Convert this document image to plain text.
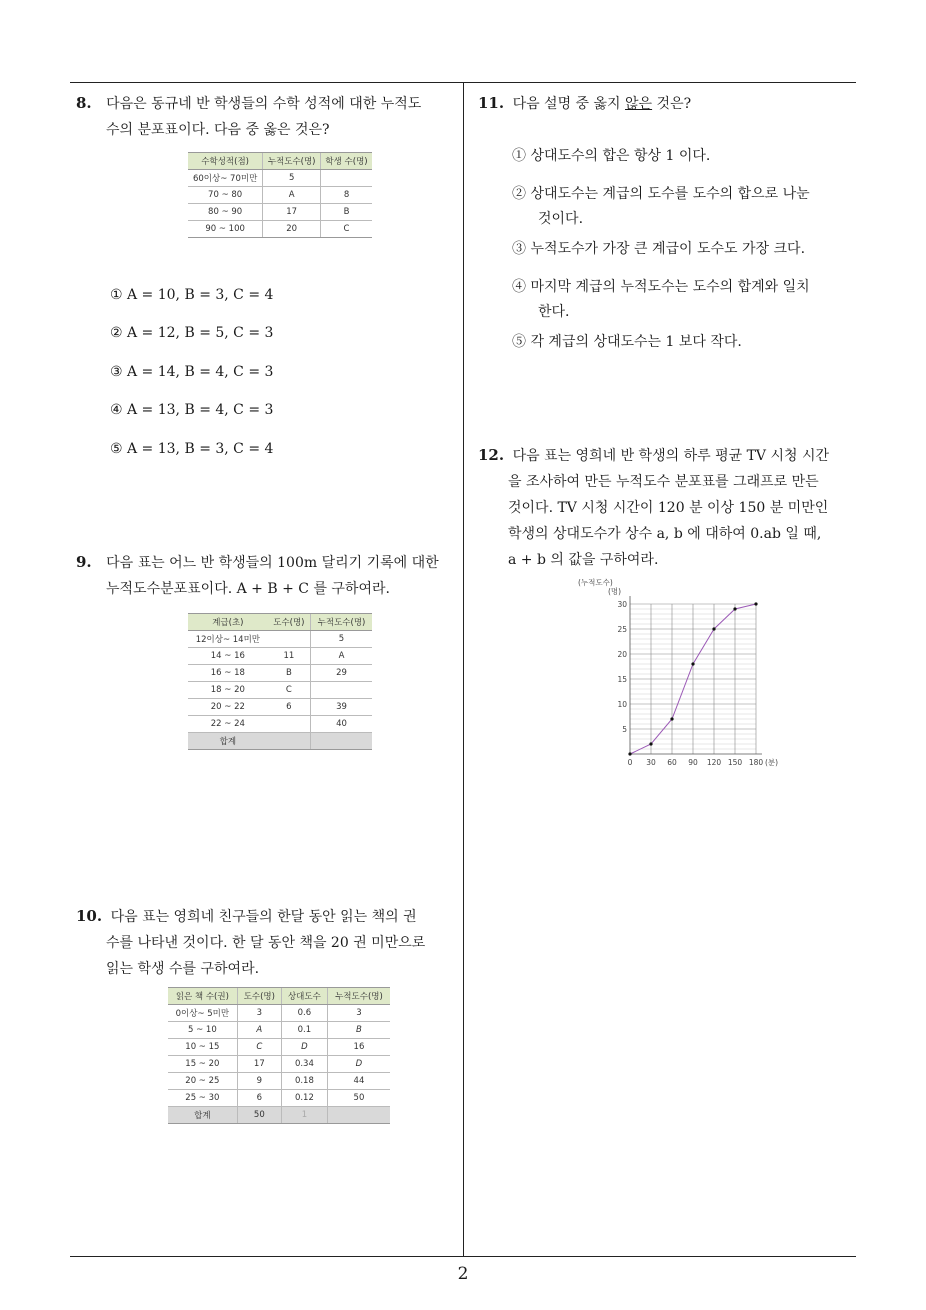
8. 다음은 동규네 반 학생들의 수학 성적에 대한 누적도
수의 분포표이다. 다음 중 옳은 것은?
수학성적(점)	누적도수(명)	학생 수(명)
60이상~ 70미만	5	
70 ~ 80	A	8
80 ~ 90	17	B
90 ~ 100	20	C
① A = 10, B = 3, C = 4
② A = 12, B = 5, C = 3
③ A = 14, B = 4, C = 3
④ A = 13, B = 4, C = 3
⑤ A = 13, B = 3, C = 4
9. 다음 표는 어느 반 학생들의 100m 달리기 기록에 대한
누적도수분포표이다. A + B + C 를 구하여라.
계급(초)	도수(명)	누적도수(명)
12이상~ 14미만		5
14 ~ 16	11	A
16 ~ 18	B	29
18 ~ 20	C	
20 ~ 22	6	39
22 ~ 24		40
합계		
10. 다음 표는 영희네 친구들의 한달 동안 읽는 책의 권
수를 나타낸 것이다. 한 달 동안 책을 20 권 미만으로
읽는 학생 수를 구하여라.
읽은 책 수(권)	도수(명)	상대도수	누적도수(명)
0이상~ 5미만	3	0.6	3
5 ~ 10	A	0.1	B
10 ~ 15	C	D	16
15 ~ 20	17	0.34	D
20 ~ 25	9	0.18	44
25 ~ 30	6	0.12	50
합계	50	1	
11. 다음 설명 중 옳지 않은 것은?
① 상대도수의 합은 항상 1 이다.
② 상대도수는 계급의 도수를 도수의 합으로 나눈
것이다.
③ 누적도수가 가장 큰 계급이 도수도 가장 크다.
④ 마지막 계급의 누적도수는 도수의 합계와 일치
한다.
⑤ 각 계급의 상대도수는 1 보다 작다.
12. 다음 표는 영희네 반 학생의 하루 평균 TV 시청 시간
을 조사하여 만든 누적도수 분포표를 그래프로 만든
것이다. TV 시청 시간이 120 분 이상 150 분 미만인
학생의 상대도수가 상수 a, b 에 대하여 0.ab 일 때,
a + b 의 값을 구하여라.
0 30 60 90 120 150 180
5
10
15
20
25
30
(누적도수)
(명)
(분)
2
